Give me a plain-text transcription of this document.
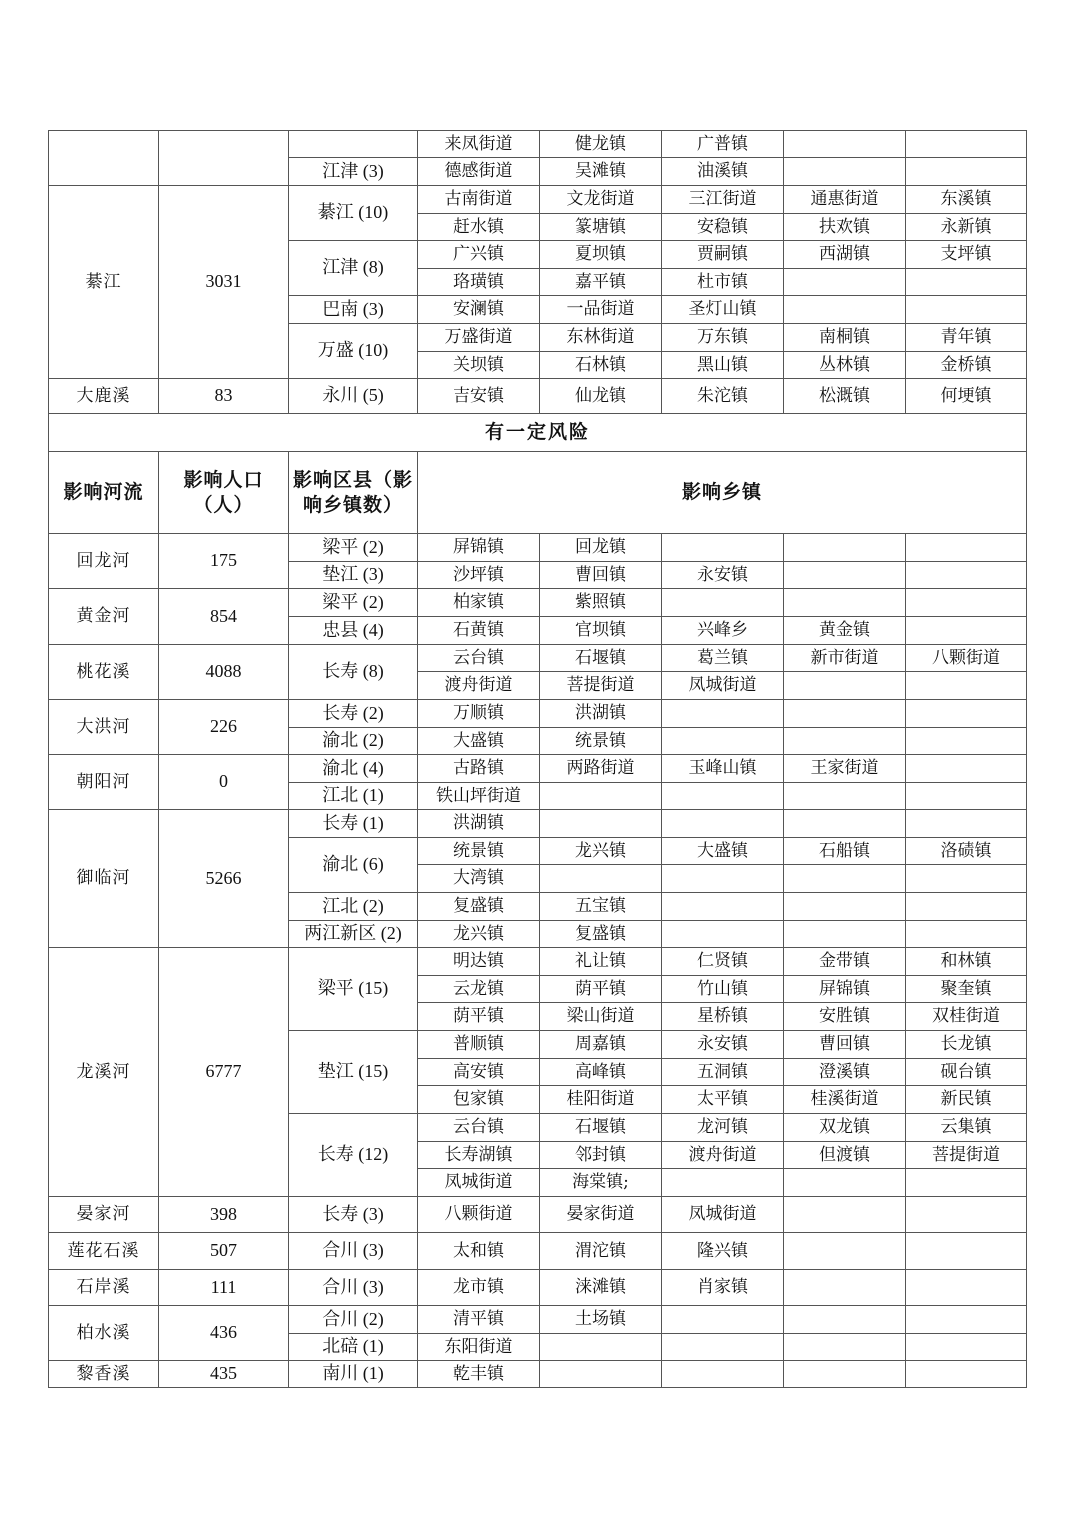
			来凤街道	健龙镇	广普镇		
		江津 (3)	德感街道	吴滩镇	油溪镇		
綦江	3031	綦江 (10)	古南街道	文龙街道	三江街道	通惠街道	东溪镇
			赶水镇	篆塘镇	安稳镇	扶欢镇	永新镇
		江津 (8)	广兴镇	夏坝镇	贾嗣镇	西湖镇	支坪镇
			珞璜镇	嘉平镇	杜市镇		
		巴南 (3)	安澜镇	一品街道	圣灯山镇		
		万盛 (10)	万盛街道	东林街道	万东镇	南桐镇	青年镇
			关坝镇	石林镇	黑山镇	丛林镇	金桥镇
大鹿溪	83	永川 (5)	吉安镇	仙龙镇	朱沱镇	松溉镇	何埂镇
有一定风险							
影响河流	影响人口（人）	影响区县（影响乡镇数）	影响乡镇				
回龙河	175	梁平 (2)	屏锦镇	回龙镇			
		垫江 (3)	沙坪镇	曹回镇	永安镇		
黄金河	854	梁平 (2)	柏家镇	紫照镇			
		忠县 (4)	石黄镇	官坝镇	兴峰乡	黄金镇	
桃花溪	4088	长寿 (8)	云台镇	石堰镇	葛兰镇	新市街道	八颗街道
			渡舟街道	菩提街道	凤城街道		
大洪河	226	长寿 (2)	万顺镇	洪湖镇			
		渝北 (2)	大盛镇	统景镇			
朝阳河	0	渝北 (4)	古路镇	两路街道	玉峰山镇	王家街道	
		江北 (1)	铁山坪街道				
御临河	5266	长寿 (1)	洪湖镇				
		渝北 (6)	统景镇	龙兴镇	大盛镇	石船镇	洛碛镇
			大湾镇				
		江北 (2)	复盛镇	五宝镇			
		两江新区 (2)	龙兴镇	复盛镇			
龙溪河	6777	梁平 (15)	明达镇	礼让镇	仁贤镇	金带镇	和林镇
			云龙镇	荫平镇	竹山镇	屏锦镇	聚奎镇
			荫平镇	梁山街道	星桥镇	安胜镇	双桂街道
		垫江 (15)	普顺镇	周嘉镇	永安镇	曹回镇	长龙镇
			高安镇	高峰镇	五洞镇	澄溪镇	砚台镇
			包家镇	桂阳街道	太平镇	桂溪街道	新民镇
		长寿 (12)	云台镇	石堰镇	龙河镇	双龙镇	云集镇
			长寿湖镇	邻封镇	渡舟街道	但渡镇	菩提街道
			凤城街道	海棠镇;			
晏家河	398	长寿 (3)	八颗街道	晏家街道	凤城街道		
莲花石溪	507	合川 (3)	太和镇	渭沱镇	隆兴镇		
石岸溪	111	合川 (3)	龙市镇	涞滩镇	肖家镇		
柏水溪	436	合川 (2)	清平镇	土场镇			
		北碚 (1)	东阳街道				
黎香溪	435	南川 (1)	乾丰镇				
